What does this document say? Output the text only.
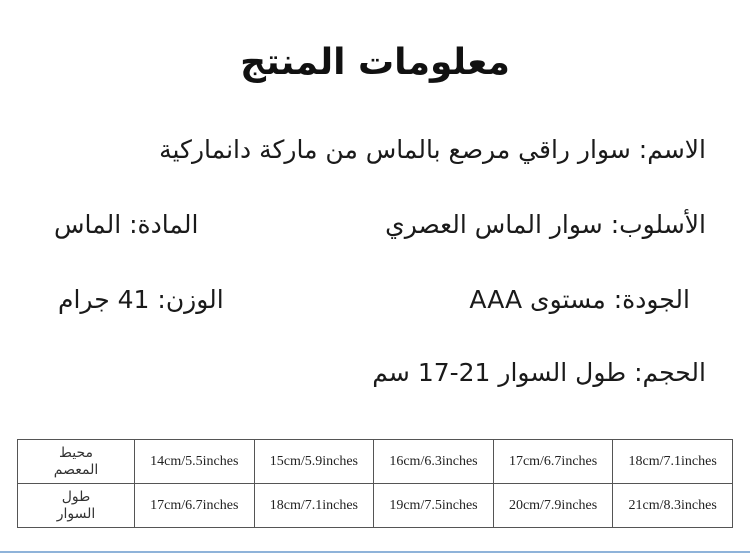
معلومات المنتج
الاسم: سوار راقي مرصع بالماس من ماركة دانماركية
الأسلوب: سوار الماس العصري
المادة: الماس
الجودة: مستوى AAA
الوزن: 41 جرام
الحجم: طول السوار 21-17 سم
محيط
المعصم	14cm/5.5inches	15cm/5.9inches	16cm/6.3inches	17cm/6.7inches	18cm/7.1inches

طول
السوار	17cm/6.7inches	18cm/7.1inches	19cm/7.5inches	20cm/7.9inches	21cm/8.3inches
